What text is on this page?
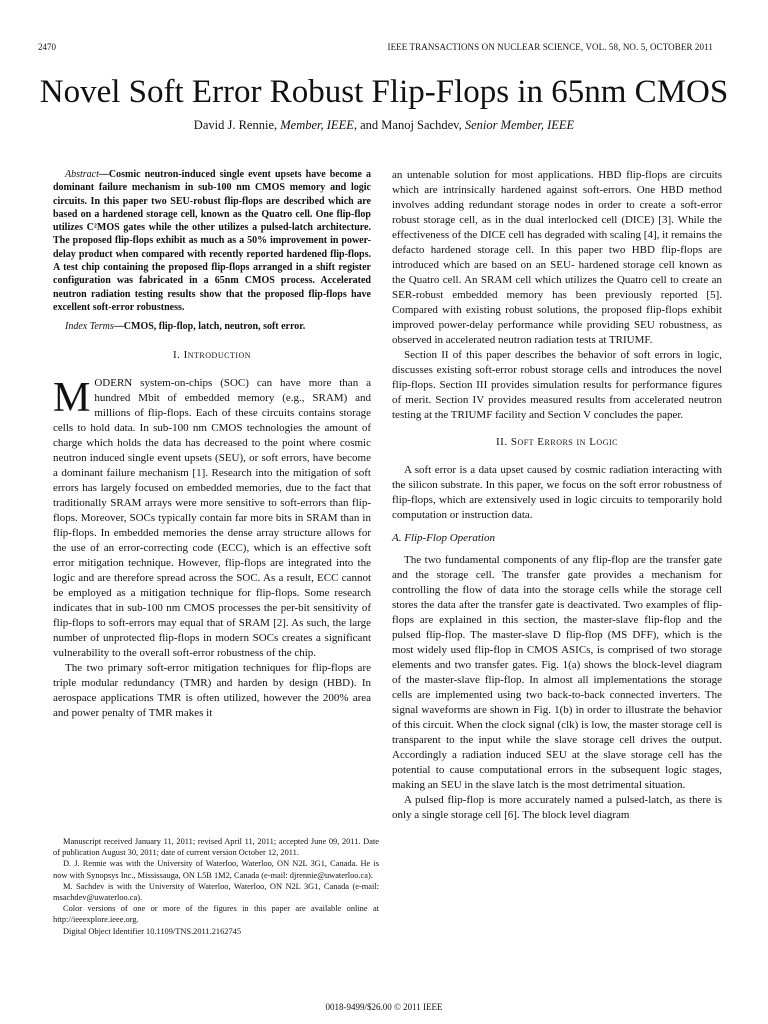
2470	IEEE TRANSACTIONS ON NUCLEAR SCIENCE, VOL. 58, NO. 5, OCTOBER 2011
Novel Soft Error Robust Flip-Flops in 65nm CMOS
David J. Rennie, Member, IEEE, and Manoj Sachdev, Senior Member, IEEE

Abstract—Cosmic neutron-induced single event upsets have become a dominant failure mechanism in sub-100 nm CMOS memory and logic circuits. In this paper two SEU-robust flip-flops are described which are based on a hardened storage cell, known as the Quatro cell. One flip-flop utilizes C²MOS gates while the other utilizes a pulsed-latch architecture. The proposed flip-flops exhibit as much as a 50% improvement in power-delay product when compared with recently reported hardened flip-flops. A test chip containing the proposed flip-flops arranged in a shift register configuration was fabricated in a 65nm CMOS process. Accelerated neutron radiation testing results show that the proposed flip-flops have excellent soft-error robustness.

Index Terms—CMOS, flip-flop, latch, neutron, soft error.

I. Introduction

MODERN system-on-chips (SOC) can have more than a hundred Mbit of embedded memory (e.g., SRAM) and millions of flip-flops. Each of these circuits contains storage cells to hold data. In sub-100 nm CMOS technologies the amount of charge which holds the data has decreased to the point where cosmic neutron induced single event upsets (SEU), or soft errors, have become a dominant failure mechanism [1]. Research into the mitigation of soft errors has largely focused on embedded memories, due to the fact that traditionally SRAM arrays were more sensitive to soft-errors than flip-flops. Moreover, SOCs typically contain far more bits in SRAM than in flip-flops. In embedded memories the dense array structure allows for the use of an error-correcting code (ECC), which is an effective soft error mitigation technique. However, flip-flops are integrated into the logic and are therefore spread across the SOC. As a result, ECC cannot be employed as a mitigation technique for flip-flops. Some research indicates that in sub-100 nm CMOS processes the per-bit sensitivity of flip-flops to soft-errors may equal that of SRAM [2]. As such, the large number of unprotected flip-flops in modern SOCs creates a significant vulnerability to the overall soft-error robustness of the chip.

The two primary soft-error mitigation techniques for flip-flops are triple modular redundancy (TMR) and harden by design (HBD). In aerospace applications TMR is often utilized, however the 200% area and power penalty of TMR makes it

an untenable solution for most applications. HBD flip-flops are circuits which are intrinsically hardened against soft-errors. One HBD method involves adding redundant storage nodes in order to create a soft-error robust storage cell, as in the dual interlocked cell (DICE) [3]. While the effectiveness of the DICE cell has degraded with scaling [4], it remains the defacto hardened storage cell. In this paper two HBD flip-flops are introduced which are based on an SEU- hardened storage cell known as the Quatro cell. An SRAM cell which utilizes the Quatro cell to create an SER-robust embedded memory has been previously reported [5]. Compared with existing robust solutions, the proposed flip-flops exhibit improved power-delay performance while providing SEU robustness, as observed in accelerated neutron radiation tests at TRIUMF.

Section II of this paper describes the behavior of soft errors in logic, discusses existing soft-error robust storage cells and introduces the novel flip-flops. Section III provides simulation results for performance figures of merit. Section IV provides measured results from accelerated neutron testing at the TRIUMF facility and Section V concludes the paper.

II. Soft Errors in Logic

A soft error is a data upset caused by cosmic radiation interacting with the silicon substrate. In this paper, we focus on the soft error robustness of flip-flops, which are extensively used in logic circuits to temporarily hold computation or instruction data.

A. Flip-Flop Operation

The two fundamental components of any flip-flop are the transfer gate and the storage cell. The transfer gate provides a mechanism for controlling the flow of data into the storage cells while the storage cell stores the data after the transfer gate is deactivated. Two examples of flip-flops are explained in this section, the master-slave flip-flop and the pulsed flip-flop. The master-slave D flip-flop (MS DFF), which is the most widely used flip-flop in CMOS ASICs, is comprised of two storage elements and two transfer gates. Fig. 1(a) shows the block-level diagram of the master-slave flip-flop. In almost all implementations the storage cells are implemented using two back-to-back connected inverters. The signal waveforms are shown in Fig. 1(b) in order to illustrate the behavior of this circuit. When the clock signal (clk) is low, the master storage cell is transparent to the input while the slave storage cell drives the output. Accordingly a radiation induced SEU at the slave storage cell has the potential to cause computational errors in the subsequent logic stages, making an SEU in the slave latch is the most detrimental situation.

A pulsed flip-flop is more accurately named a pulsed-latch, as there is only a single storage cell [6]. The block level diagram

Manuscript received January 11, 2011; revised April 11, 2011; accepted June 09, 2011. Date of publication August 30, 2011; date of current version October 12, 2011.

D. J. Rennie was with the University of Waterloo, Waterloo, ON N2L 3G1, Canada. He is now with Synopsys Inc., Mississauga, ON L5B 1M2, Canada (e-mail: djrennie@uwaterloo.ca).

M. Sachdev is with the University of Waterloo, Waterloo, ON N2L 3G1, Canada (e-mail: msachdev@uwaterloo.ca).

Color versions of one or more of the figures in this paper are available online at http://ieeexplore.ieee.org.

Digital Object Identifier 10.1109/TNS.2011.2162745

0018-9499/$26.00 © 2011 IEEE
